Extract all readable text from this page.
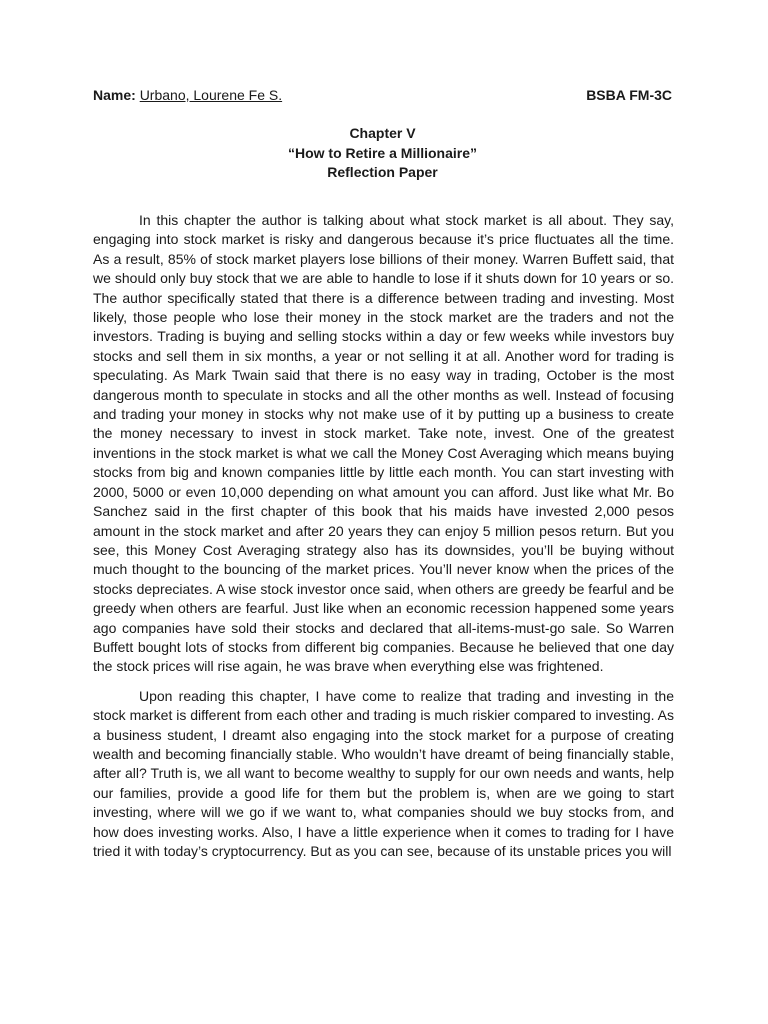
Name: Urbano, Lourene Fe S.	BSBA FM-3C
Chapter V
“How to Retire a Millionaire”
Reflection Paper

In this chapter the author is talking about what stock market is all about. They say, engaging into stock market is risky and dangerous because it’s price fluctuates all the time. As a result, 85% of stock market players lose billions of their money. Warren Buffett said, that we should only buy stock that we are able to handle to lose if it shuts down for 10 years or so. The author specifically stated that there is a difference between trading and investing. Most likely, those people who lose their money in the stock market are the traders and not the investors. Trading is buying and selling stocks within a day or few weeks while investors buy stocks and sell them in six months, a year or not selling it at all. Another word for trading is speculating. As Mark Twain said that there is no easy way in trading, October is the most dangerous month to speculate in stocks and all the other months as well. Instead of focusing and trading your money in stocks why not make use of it by putting up a business to create the money necessary to invest in stock market. Take note, invest. One of the greatest inventions in the stock market is what we call the Money Cost Averaging which means buying stocks from big and known companies little by little each month. You can start investing with 2000, 5000 or even 10,000 depending on what amount you can afford. Just like what Mr. Bo Sanchez said in the first chapter of this book that his maids have invested 2,000 pesos amount in the stock market and after 20 years they can enjoy 5 million pesos return. But you see, this Money Cost Averaging strategy also has its downsides, you’ll be buying without much thought to the bouncing of the market prices. You’ll never know when the prices of the stocks depreciates. A wise stock investor once said, when others are greedy be fearful and be greedy when others are fearful. Just like when an economic recession happened some years ago companies have sold their stocks and declared that all-items-must-go sale. So Warren Buffett bought lots of stocks from different big companies. Because he believed that one day the stock prices will rise again, he was brave when everything else was frightened.

Upon reading this chapter, I have come to realize that trading and investing in the stock market is different from each other and trading is much riskier compared to investing. As a business student, I dreamt also engaging into the stock market for a purpose of creating wealth and becoming financially stable. Who wouldn’t have dreamt of being financially stable, after all? Truth is, we all want to become wealthy to supply for our own needs and wants, help our families, provide a good life for them but the problem is, when are we going to start investing, where will we go if we want to, what companies should we buy stocks from, and how does investing works. Also, I have a little experience when it comes to trading for I have tried it with today’s cryptocurrency. But as you can see, because of its unstable prices you will
